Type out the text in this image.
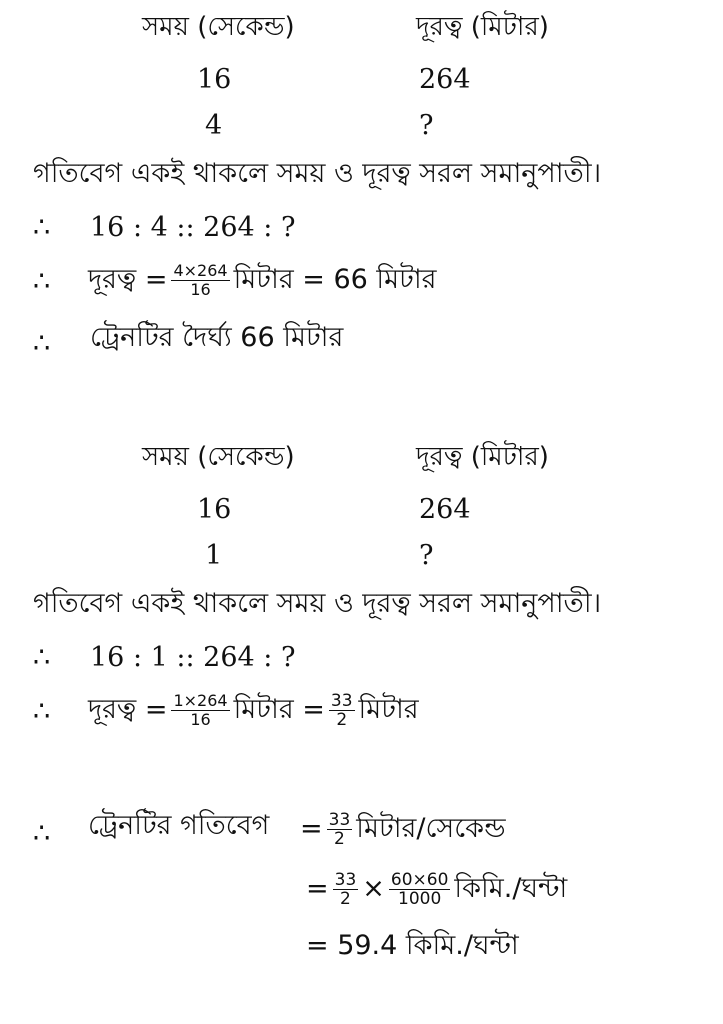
সময় (সেকেন্ড)	দূরত্ব (মিটার)
16	264
4	?
গতিবেগ একই থাকলে সময় ও দূরত্ব সরল সমানুপাতী।
∴ 16 : 4 :: 264 : ?
∴ দূরত্ব = $\frac{4\times 264}{16}$ মিটার = 66 মিটার
∴ ট্রেনটির দৈর্ঘ্য 66 মিটার
সময় (সেকেন্ড)	দূরত্ব (মিটার)
16	264
1	?
গতিবেগ একই থাকলে সময় ও দূরত্ব সরল সমানুপাতী।
∴ 16 : 1 :: 264 : ?
∴ দূরত্ব = $\frac{1\times 264}{16}$ মিটার = $\frac{33}{2}$ মিটার
∴ ট্রেনটির গতিবেগ = $\frac{33}{2}$ মিটার/সেকেন্ড
= $\frac{33}{2} \times \frac{60\times 60}{1000}$ কিমি./ঘন্টা
= 59.4 কিমি./ঘন্টা
